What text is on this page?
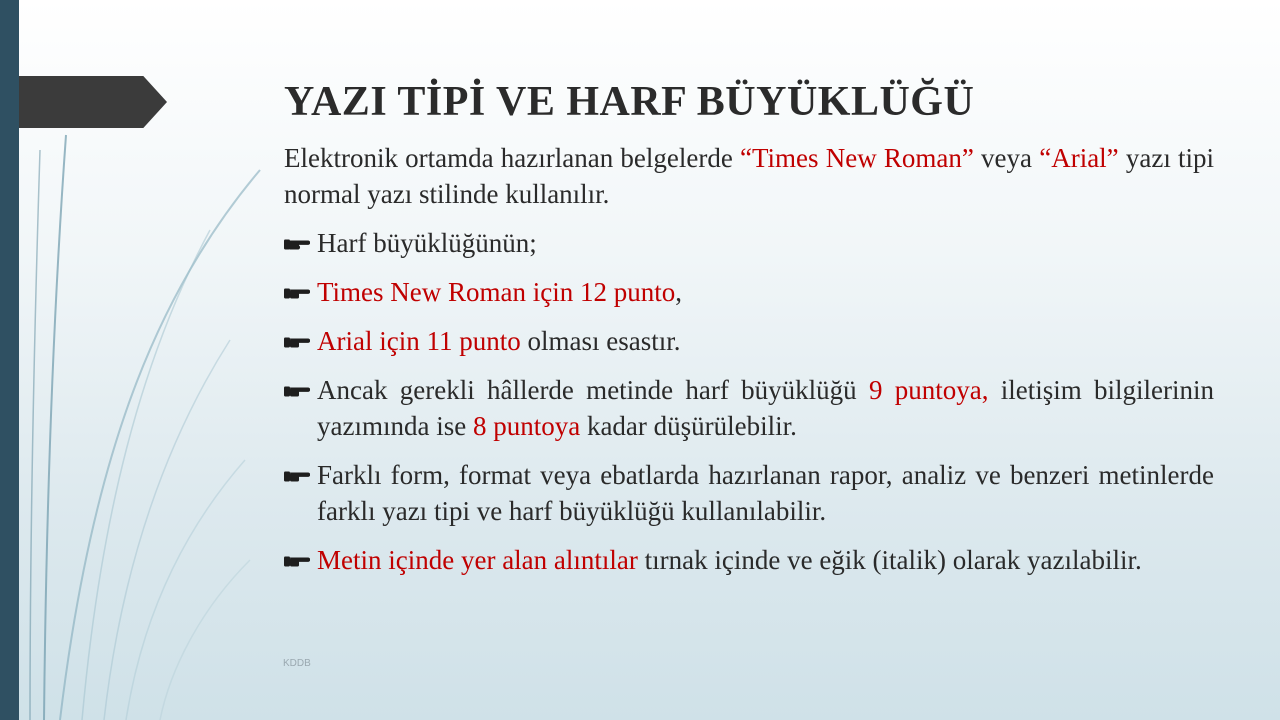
YAZI TİPİ VE HARF BÜYÜKLÜĞÜ

Elektronik ortamda hazırlanan belgelerde “Times New Roman” veya “Arial” yazı tipi normal yazı stilinde kullanılır.

Harf büyüklüğünün;
Times New Roman için 12 punto,
Arial için 11 punto olması esastır.
Ancak gerekli hâllerde metinde harf büyüklüğü 9 puntoya, iletişim bilgilerinin yazımında ise 8 puntoya kadar düşürülebilir.
Farklı form, format veya ebatlarda hazırlanan rapor, analiz ve benzeri metinlerde farklı yazı tipi ve harf büyüklüğü kullanılabilir.
Metin içinde yer alan alıntılar tırnak içinde ve eğik (italik) olarak yazılabilir.
KDDB
